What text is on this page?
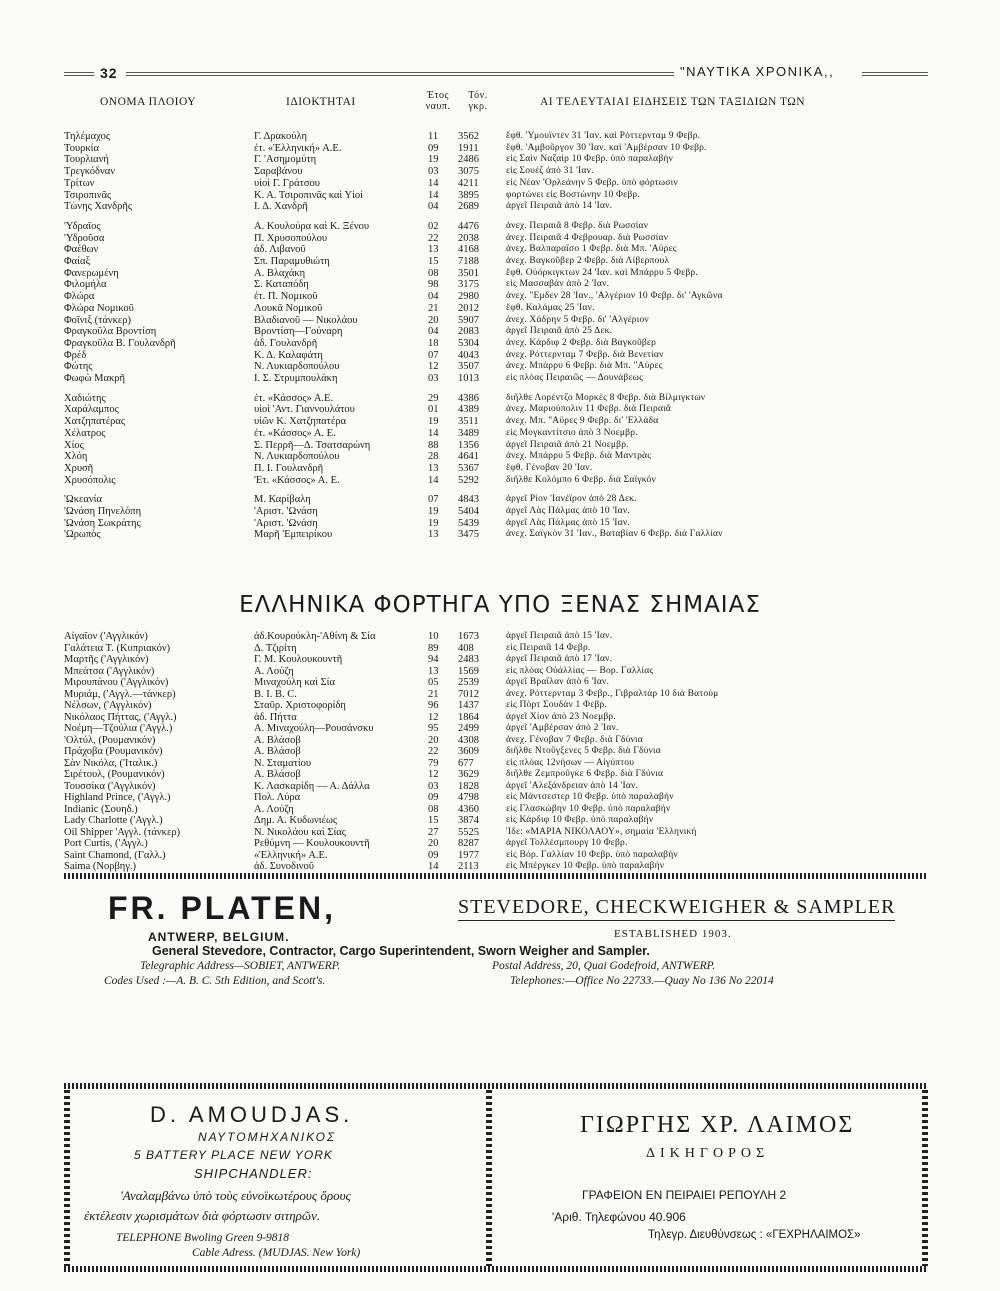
32	"ΝΑΥΤΙΚΑ ΧΡΟΝΙΚΑ,,
ΟΝΟΜΑ ΠΛΟΙΟΥ	ΙΔΙΟΚΤΗΤΑΙ
Έτος ναυπ.
Τόν. γκρ.	ΑΙ ΤΕΛΕΥΤΑΙΑΙ ΕΙΔΗΣΕΙΣ ΤΩΝ ΤΑΞΙΔΙΩΝ ΤΩΝ
Τηλέμαχος	Γ. Δρακούλη	11	3562	ἔφθ. 'Υμουϊντεν 31 'Ιαν. καὶ Ρόττερνταμ 9 Φεβρ.
Τουρκία	ἐτ. «Ἑλληνική» Α.Ε.	09	1911	ἔφθ. 'Αμβοῦργον 30 'Ιαν. καὶ 'Αμβέρσαν 10 Φεβρ.
Τουρλιανή	Γ. 'Ασημομύτη	19	2486	εἰς Σαὶν Ναζαὶρ 10 Φεβρ. ὑπὸ παραλαβήν
Τρεγκόδναν	Σαραβάνου	03	3075	εἰς Σουέζ ἀπὸ 31 'Ιαν.
Τρίτων	υἱοὶ Γ. Γράτσου	14	4211	εἰς Νέαν 'Ορλεάνην 5 Φεβρ. ὑπὸ φόρτωσιν
Τσιροπινᾶς	Κ. Α. Τσιροπινᾶς καὶ Υἱοί	14	3895	φορτώνει εἰς Βοστώνην 10 Φεβρ.
Τώνης Χανδρῆς	Ι. Δ. Χανδρῆ	04	2689	ἀργεῖ Πειραιᾶ ἀπὸ 14 'Ιαν.
'Υδραῖος	Α. Κουλούρα καὶ Κ. Ξένου	02	4476	ἀνεχ. Πειραιᾶ 8 Φεβρ. διὰ Ρωσσίαν
'Υδροῦσα	Π. Χρυσοπούλου	22	2038	ἀνεχ. Πειραιᾶ 4 Φεβρουαρ. διὰ Ρωσσίαν
Φαέθων	ἀδ. Λιβανοῦ	13	4168	ἀνεχ. Βαλπαραΐσο 1 Φεβρ. διὰ Μπ. 'Αϋρες
Φαίαξ	Σπ. Παραμυθιώτη	15	7188	ἀνεχ. Βαγκοῦβερ 2 Φεβρ. διὰ Λίβερπουλ
Φανερωμένη	Α. Βλαχάκη	08	3501	ἔφθ. Ούόρκιγκτων 24 'Ιαν. καὶ Μπάρρυ 5 Φεβρ.
Φιλομήλα	Σ. Καταπόδη	98	3175	εἰς Μασσαβάν ἀπὸ 2 'Ιαν.
Φλώρα	ἐτ. Π. Νομικοῦ	04	2980	ἀνεχ. "Εμδεν 28 'Ιαν., 'Αλγέριον 10 Φεβρ. δι' 'Αγκῶνα
Φλώρα Νομικοῦ	Λουκᾶ Νομικοῦ	21	2012	ἔφθ. Καλάμας 25 'Ιαν.
Φοῖνιξ (τάνκερ)	Βλαδιανοῦ — Νικολάου	20	5907	ἀνεχ. Χάδρην 5 Φεβρ. δι' 'Αλγέριον
Φραγκοῦλα Βροντίση	Βροντίση—Γούναρη	04	2083	ἀργεῖ Πειραιᾶ ἀπὸ 25 Δεκ.
Φραγκοῦλα Β. Γουλανδρῆ	ἀδ. Γουλανδρῆ	18	5304	ἀνεχ. Κάρδιφ 2 Φεβρ. διὰ Βαγκοῦβερ
Φρέδ	Κ. Δ. Καλαφάτη	07	4043	ἀνεχ. Ρόττερνταμ 7 Φεβρ. διὰ Βενετίαν
Φώτης	Ν. Λυκιαρδοπούλου	12	3507	ἀνεχ. Μπάρρυ 6 Φεβρ. διὰ Μπ. "Αϋρες
Φωφὼ Μακρῆ	Ι. Σ. Στρυμπουλάκη	03	1013	εἰς πλόας Πειραιῶς — Δουνάβεως
Χαδιώτης	ἐτ. «Κάσσος» Α.Ε.	29	4386	διῆλθε Λορέντζο Μορκὲς 8 Φεβρ. διὰ Βίλμιγκτων
Χαράλαμπος	υἱοὶ 'Αντ. Γιαννουλάτου	01	4389	ἀνεχ. Μαριούπολιν 11 Φεβρ. διὰ Πειραιᾶ
Χατζηπατέρας	υἱῶν Κ. Χατζηπατέρα	19	3511	ἀνεχ. Μπ. "Αϋρες 9 Φεβρ. δι' 'Ελλάδα
Χέλατρος	ἐτ. «Κάσσος» Α. Ε.	14	3489	εἰς Μογκαντίτσιο ἀπὸ 3 Νοεμβρ.
Χίος	Σ. Περρῆ—Δ. Τσατσαρώνη	88	1356	ἀργεῖ Πειραιᾶ ἀπὸ 21 Νοεμβρ.
Χλόη	Ν. Λυκιαρδοπούλου	28	4641	ἀνεχ. Μπάρρυ 5 Φεβρ. διὰ Μαντρὰς
Χρυσῆ	Π. Ι. Γουλανδρῆ	13	5367	ἔφθ. Γένοβαν 20 'Ιαν.
Χρυσόπολις	'Ετ. «Κάσσος» Α. Ε.	14	5292	διῆλθε Κολόμπο 6 Φεβρ. διὰ Σαϊγκόν
'Ωκεανία	Μ. Καρίβαλη	07	4843	ἀργεῖ Ρίον 'Ιανέϊρον ἀπὸ 28 Δεκ.
'Ωνάση Πηνελόπη	'Αριστ. 'Ωνάση	19	5404	ἀργεῖ Λὰς Πάλμας ἀπὸ 10 'Ιαν.
'Ωνάση Σωκράτης	'Αριστ. 'Ωνάση	19	5439	ἀργεῖ Λὰς Πάλμας ἀπὸ 15 'Ιαν.
'Ωρωπὸς	Μαρῆ 'Εμπειρίκου	13	3475	ἀνεχ. Σαϊγκὸν 31 'Ιαν., Βαταβίαν 6 Φεβρ. διὰ Γαλλίαν
ΕΛΛΗΝΙΚΑ ΦΟΡΤΗΓΑ ΥΠΟ ΞΕΝΑΣ ΣΗΜΑΙΑΣ
Αἰγαῖον ('Αγγλικόν)	ἀδ.Κουρούκλη-'Αθίνη & Σία	10	1673	ἀργεῖ Πειραιᾶ ἀπὸ 15 'Ιαν.
Γαλάτεια Τ. (Κυπριακόν)	Δ. Τζιρίτη	89	408	εἰς Πειραιᾶ 14 Φεβρ.
Μαρτῆς ('Αγγλικόν)	Γ. Μ. Κουλουκουντῆ	94	2483	ἀργεῖ Πειραιᾶ ἀπὸ 17 'Ιαν.
Μπεάτσα ('Αγγλικόν)	Α. Λούζη	13	1569	εἰς πλόας Οὐάλλίας — Βορ. Γαλλίας
Μιρουπάνου ('Αγγλικόν)	Μιναχούλη καὶ Σία	05	2539	ἀργεῖ Βραΐλαν ἀπὸ 6 'Ιαν.
Μυριάμ, ('Αγγλ.—τάνκερ)	Β. Ι. Β. C.	21	7012	ἀνεχ. Ρόττερνταμ 3 Φεβρ., Γιβραλτὰρ 10 διὰ Βατοὺμ
Νέλσων, ('Αγγλικόν)	Σταῦρ. Χριστοφορίδη	96	1437	εἰς Πὸρτ Σουδὰν 1 Φεβρ.
Νικόλαος Πήττας, ('Αγγλ.)	ἀδ. Πήττα	12	1864	ἀργεῖ Χίον ἀπὸ 23 Νοεμβρ.
Νοέμη—Τζούλια ('Αγγλ.)	Α. Μιναχούλη—Ρουσάνσκυ	95	2499	ἀργεῖ 'Αμβέρσαν ἀπὸ 2 'Ιαν.
'Ολτύλ, (Ρουμανικόν)	Α. Βλάσοβ	20	4308	ἀνεχ. Γένοβαν 7 Φεβρ. διὰ Γδύνια
Πράχοβα (Ρουμανικόν)	Α. Βλάσοβ	22	3609	διῆλθε Ντοῦγξενες 5 Φεβρ. διὰ Γδύνια
Σὰν Νικόλα, ('Ιταλικ.)	Ν. Σταματίου	79	677	εἰς πλόας 12νήσων — Αἰγύπτου
Σιρέτουλ, (Ρουμανικόν)	Α. Βλάσοβ	12	3629	διῆλθε Ζεμπροῦγκε 6 Φεβρ. διὰ Γδύνια
Τουσσίκα ('Αγγλικόν)	Κ. Λασκαρίδη — Α. Δάλλα	03	1828	ἀργεῖ 'Αλεξάνδρειαν ἀπὸ 14 'Ιαν.
Highland Prince, ('Αγγλ.)	Πολ. Λύρα	09	4798	εἰς Μάντσεστερ 10 Φεβρ. ὑπὸ παραλαβήν
Indianic (Σουηδ.)	Α. Λούζη	08	4360	εἰς Γλασκώβην 10 Φεβρ. ὑπὸ παραλαβήν
Lady Charlotte ('Αγγλ.)	Δημ. Α. Κυδωνιέως	15	3874	εἰς Κάρδιφ 10 Φεβρ. ὑπὸ παραλαβήν
Oil Shipper 'Αγγλ. (τάνκερ)	Ν. Νικολάου καὶ Σίας	27	5525	'Ιδε: «ΜΑΡΙΑ ΝΙΚΟΛΑΟΥ», σημαία 'Ελληνική
Port Curtis, ('Αγγλ.)	Ρεθύμνη — Κουλουκουντῆ	20	8287	ἀργεῖ Τολλέσμπουργ 10 Φεβρ.
Saint Chamond, (Γαλλ.)	«Ἑλληνική» Α.Ε.	09	1977	εἰς Βόρ. Γαλλίαν 10 Φεβρ. ὑπὸ παραλαβήν
Saima (Νορβηγ.)	ἀδ. Συνοδινοῦ	14	2113	εἰς Μπέργκεν 10 Φεβρ. ὑπὸ παραλαβήν
FR. PLATEN,
ANTWERP, BELGIUM.
STEVEDORE, CHECKWEIGHER & SAMPLER
ESTABLISHED 1903.
General Stevedore, Contractor, Cargo Superintendent, Sworn Weigher and Sampler.
Telegraphic Address—SOBIET, ANTWERP.	Postal Address, 20, Quai Godefroid, ANTWERP.
Codes Used :—A. B. C. 5th Edition, and Scott's.	Telephones:—Office No 22733.—Quay No 136 No 22014
D. AMOUDJAS.
ΝΑΥΤΟΜΗΧΑΝΙΚΟΣ
5 BATTERY PLACE NEW YORK
SHIPCHANDLER:
'Αναλαμβάνω ὑπὸ τοὺς εὐνοϊκωτέρους ὅρους
ἐκτέλεσιν χωρισμάτων διὰ φόρτωσιν σιτηρῶν.
TELEPHONE Bwoling Green 9-9818
Cable Adress. (MUDJAS. New York)
ΓΙΩΡΓΗΣ ΧΡ. ΛΑΙΜΟΣ
ΔΙΚΗΓΟΡΟΣ
ΓΡΑΦΕΙΟΝ ΕΝ ΠΕΙΡΑΙΕΙ ΡΕΠΟΥΛΗ 2
'Αριθ. Τηλεφώνου 40.906
Τηλεγρ. Διευθύνσεως : «ΓΕΧΡΗΛΑΙΜΟΣ»
